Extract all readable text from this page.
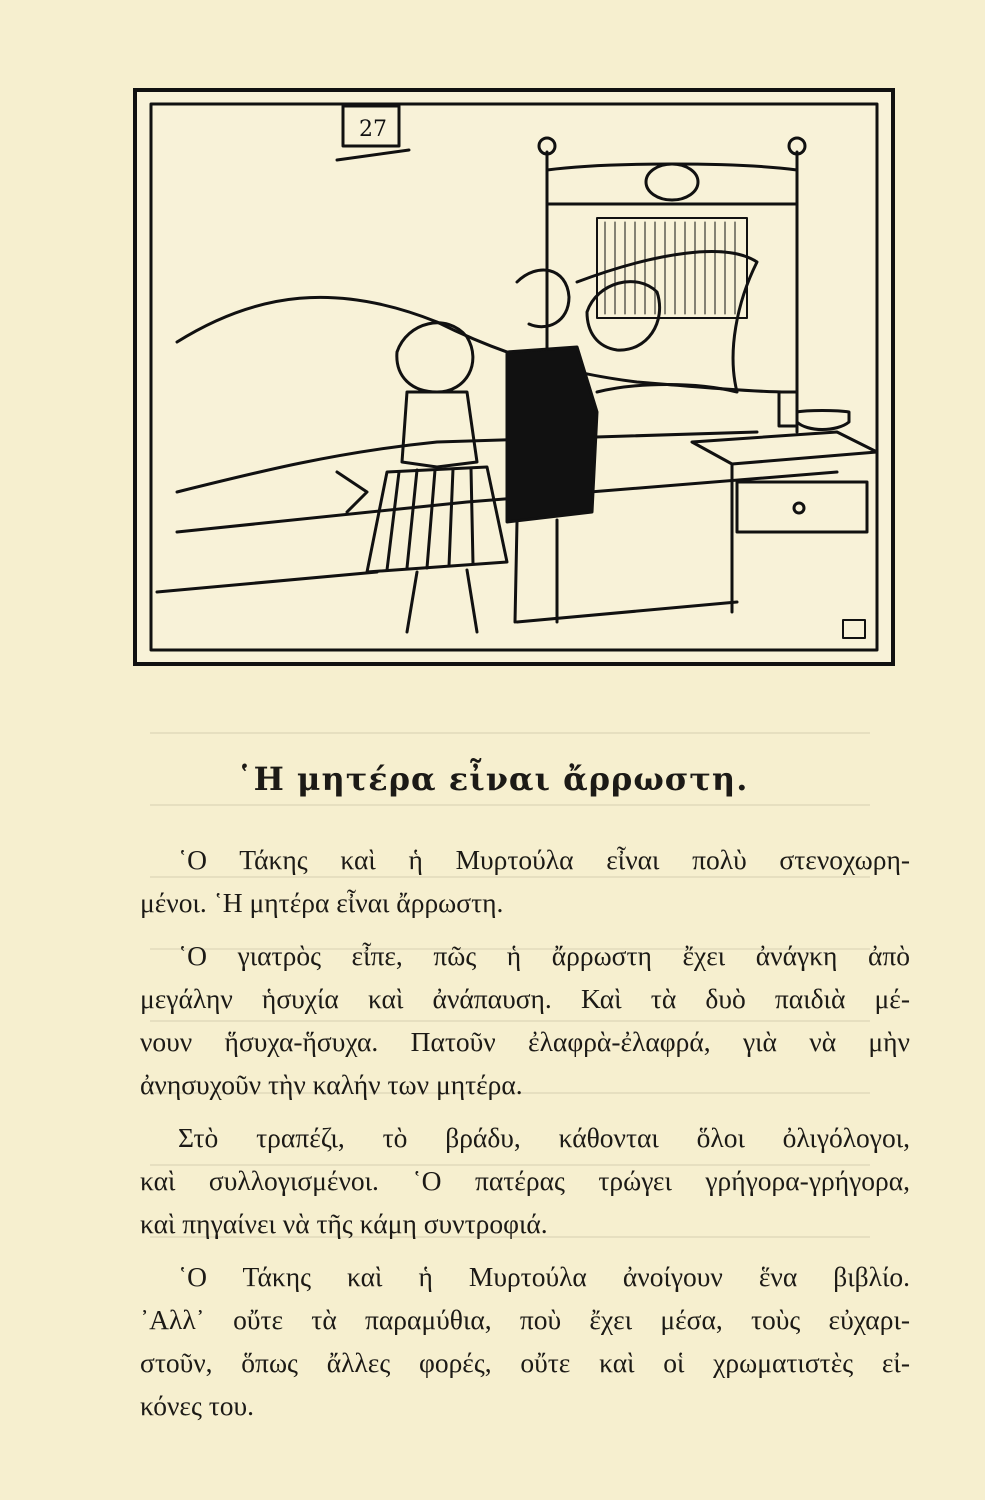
27
῾Η μητέρα εἶναι ἄρρωστη.

῾Ο Τάκης καὶ ἡ Μυρτούλα εἶναι πολὺ στενοχωρη-
μένοι. ῾Η μητέρα εἶναι ἄρρωστη.

῾Ο γιατρὸς εἶπε, πῶς ἡ ἄρρωστη ἔχει ἀνάγκη ἀπὸ
μεγάλην ἡσυχία καὶ ἀνάπαυση. Καὶ τὰ δυὸ παιδιὰ μέ-
νουν ἥσυχα-ἥσυχα. Πατοῦν ἐλαφρὰ-ἐλαφρά, γιὰ νὰ μὴν
ἀνησυχοῦν τὴν καλήν των μητέρα.

Στὸ τραπέζι, τὸ βράδυ, κάθονται ὅλοι ὀλιγόλογοι,
καὶ συλλογισμένοι. ῾Ο πατέρας τρώγει γρήγορα-γρήγορα,
καὶ πηγαίνει νὰ τῆς κάμη συντροφιά.

῾Ο Τάκης καὶ ἡ Μυρτούλα ἀνοίγουν ἕνα βιβλίο.
᾿Αλλ᾿ οὔτε τὰ παραμύθια, ποὺ ἔχει μέσα, τοὺς εὐχαρι-
στοῦν, ὅπως ἄλλες φορές, οὔτε καὶ οἱ χρωματιστὲς εἰ-
κόνες του.
